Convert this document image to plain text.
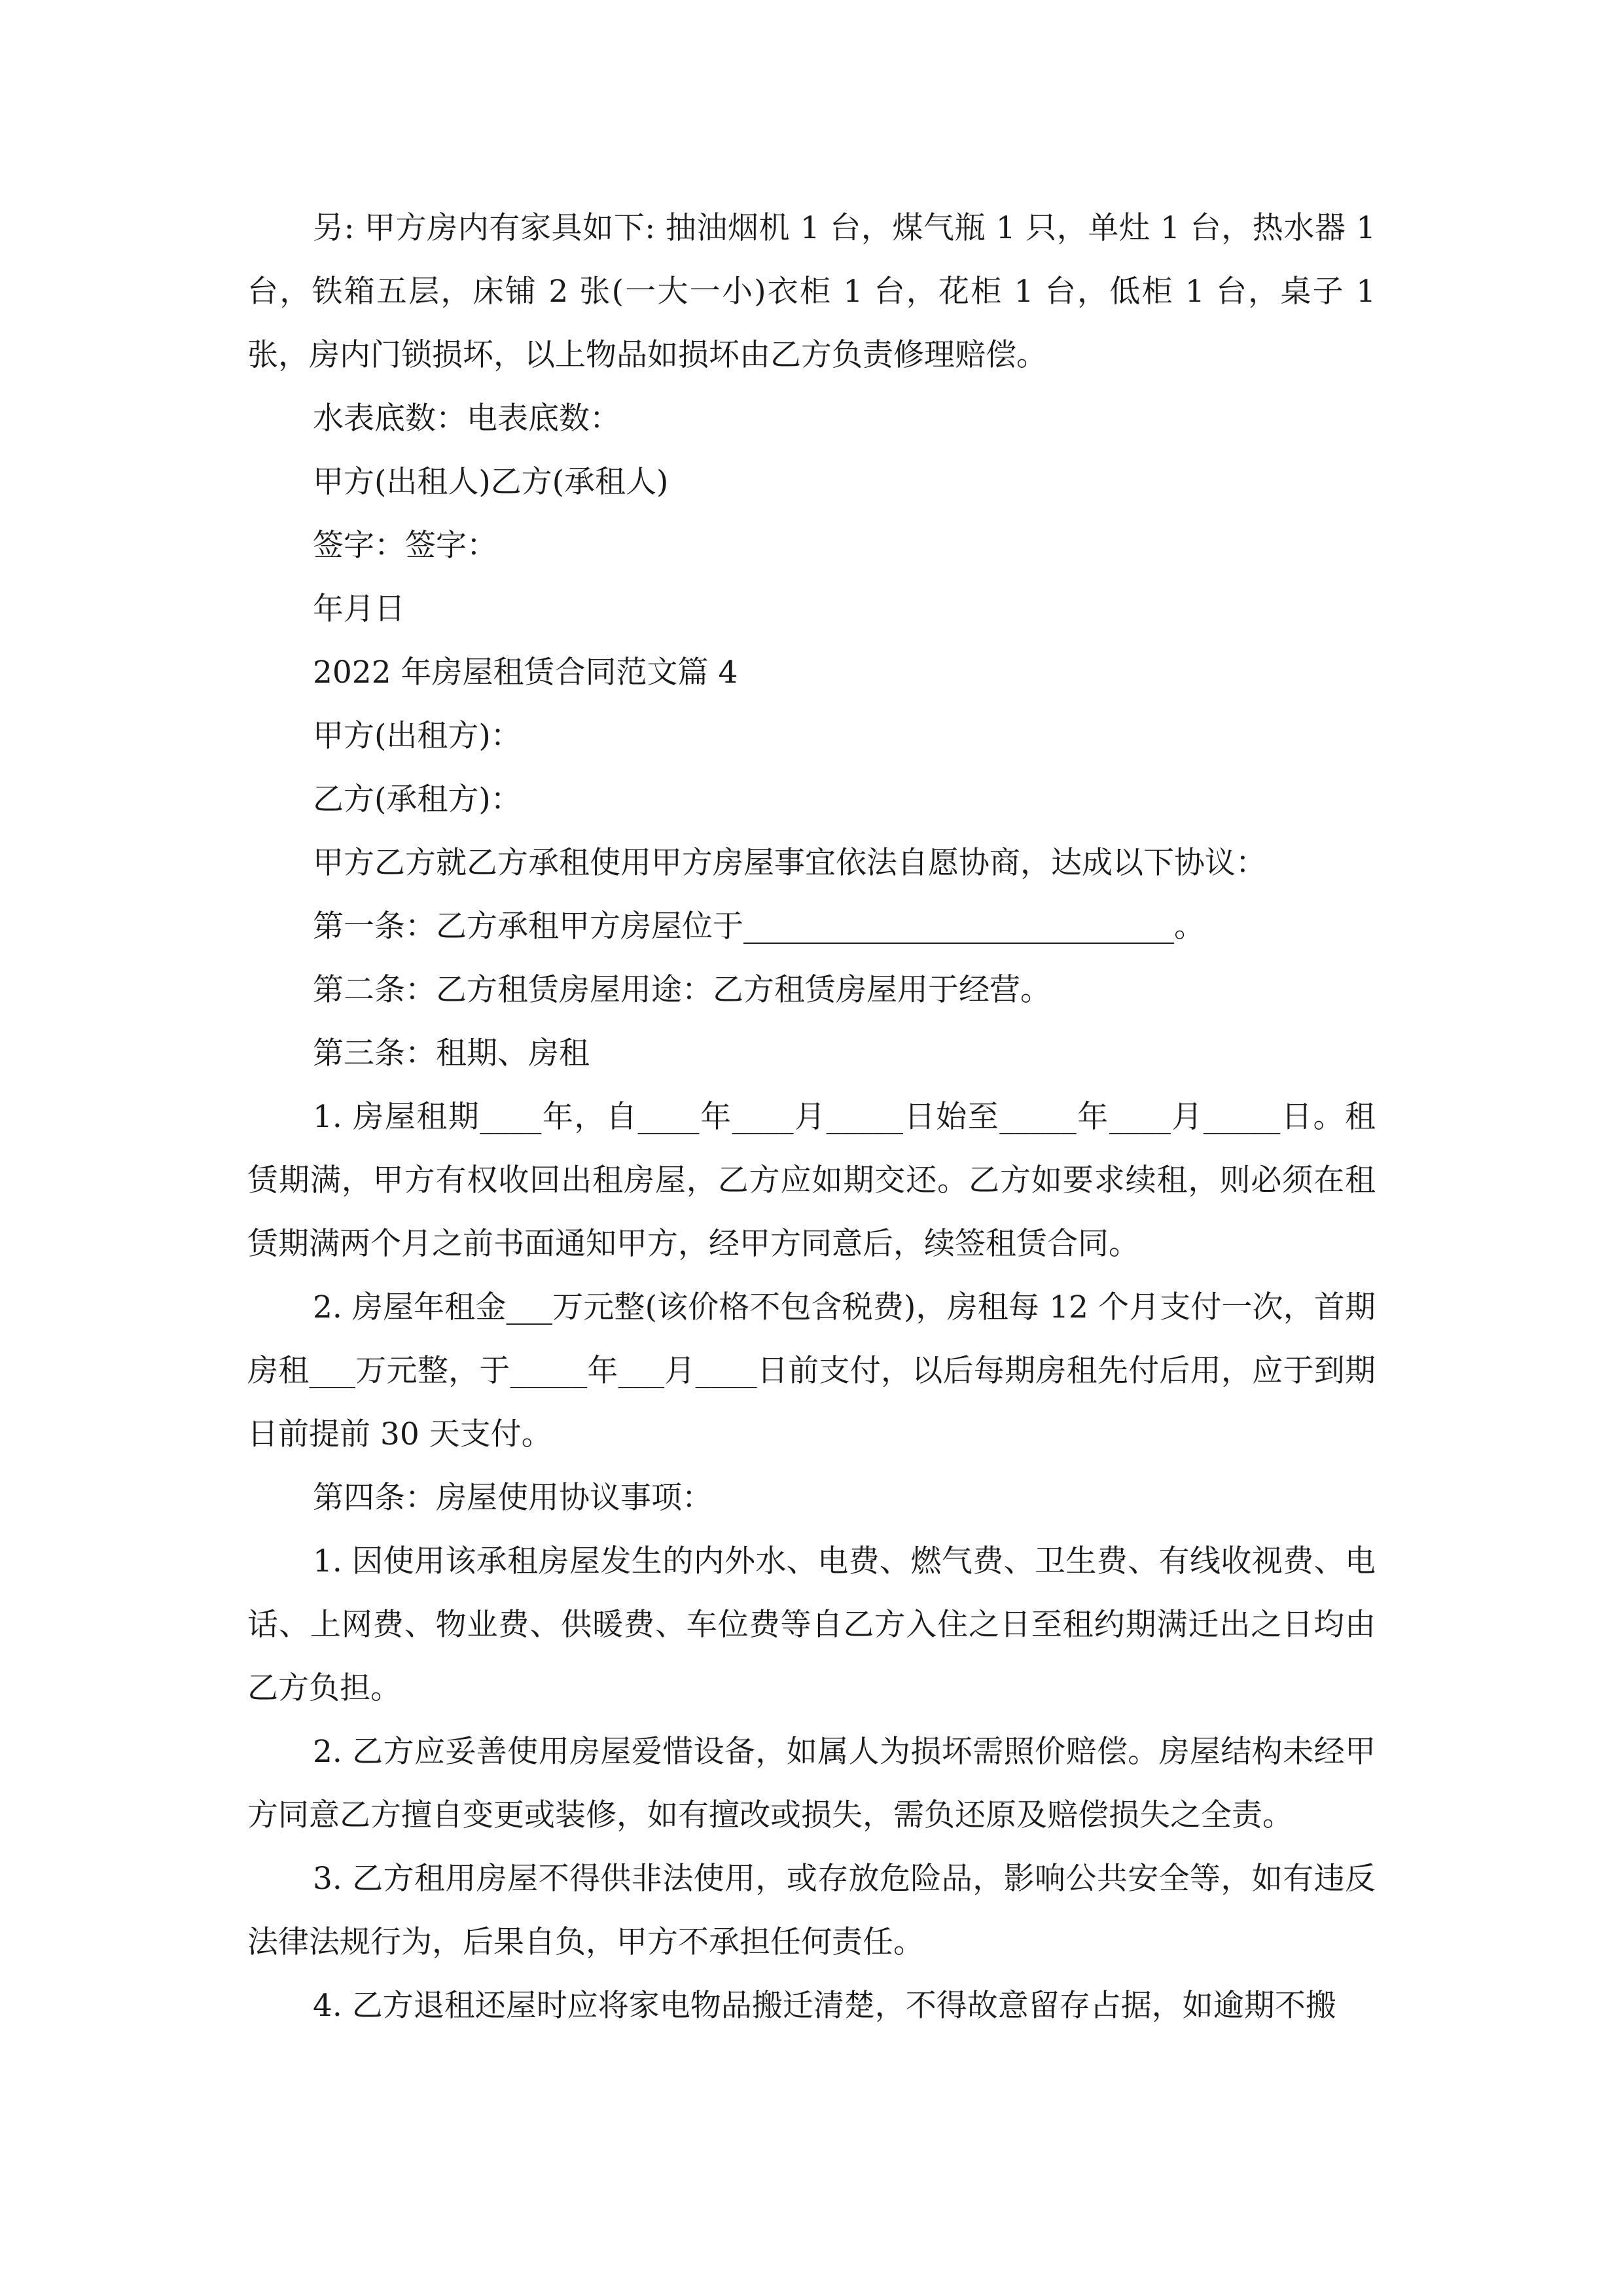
另: 甲方房内有家具如下: 抽油烟机 1 台，煤气瓶 1 只，单灶 1 台，热水器 1 台，铁箱五层，床铺 2 张(一大一小)衣柜 1 台，花柜 1 台，低柜 1 台，桌子 1 张，房内门锁损坏，以上物品如损坏由乙方负责修理赔偿。

水表底数：电表底数：

甲方(出租人)乙方(承租人)

签字：签字：

年月日

2022 年房屋租赁合同范文篇 4

甲方(出租方)：

乙方(承租方)：

甲方乙方就乙方承租使用甲方房屋事宜依法自愿协商，达成以下协议：

第一条：乙方承租甲方房屋位于____________________________。

第二条：乙方租赁房屋用途：乙方租赁房屋用于经营。

第三条：租期、房租

1. 房屋租期____年，自____年____月_____日始至_____年____月_____日。租赁期满，甲方有权收回出租房屋，乙方应如期交还。乙方如要求续租，则必须在租赁期满两个月之前书面通知甲方，经甲方同意后，续签租赁合同。

2. 房屋年租金___万元整(该价格不包含税费)，房租每 12 个月支付一次，首期房租___万元整，于_____年___月____日前支付，以后每期房租先付后用，应于到期日前提前 30 天支付。

第四条：房屋使用协议事项：

1. 因使用该承租房屋发生的内外水、电费、燃气费、卫生费、有线收视费、电话、上网费、物业费、供暖费、车位费等自乙方入住之日至租约期满迁出之日均由乙方负担。

2. 乙方应妥善使用房屋爱惜设备，如属人为损坏需照价赔偿。房屋结构未经甲方同意乙方擅自变更或装修，如有擅改或损失，需负还原及赔偿损失之全责。

3. 乙方租用房屋不得供非法使用，或存放危险品，影响公共安全等，如有违反法律法规行为，后果自负，甲方不承担任何责任。

4. 乙方退租还屋时应将家电物品搬迁清楚，不得故意留存占据，如逾期不搬
